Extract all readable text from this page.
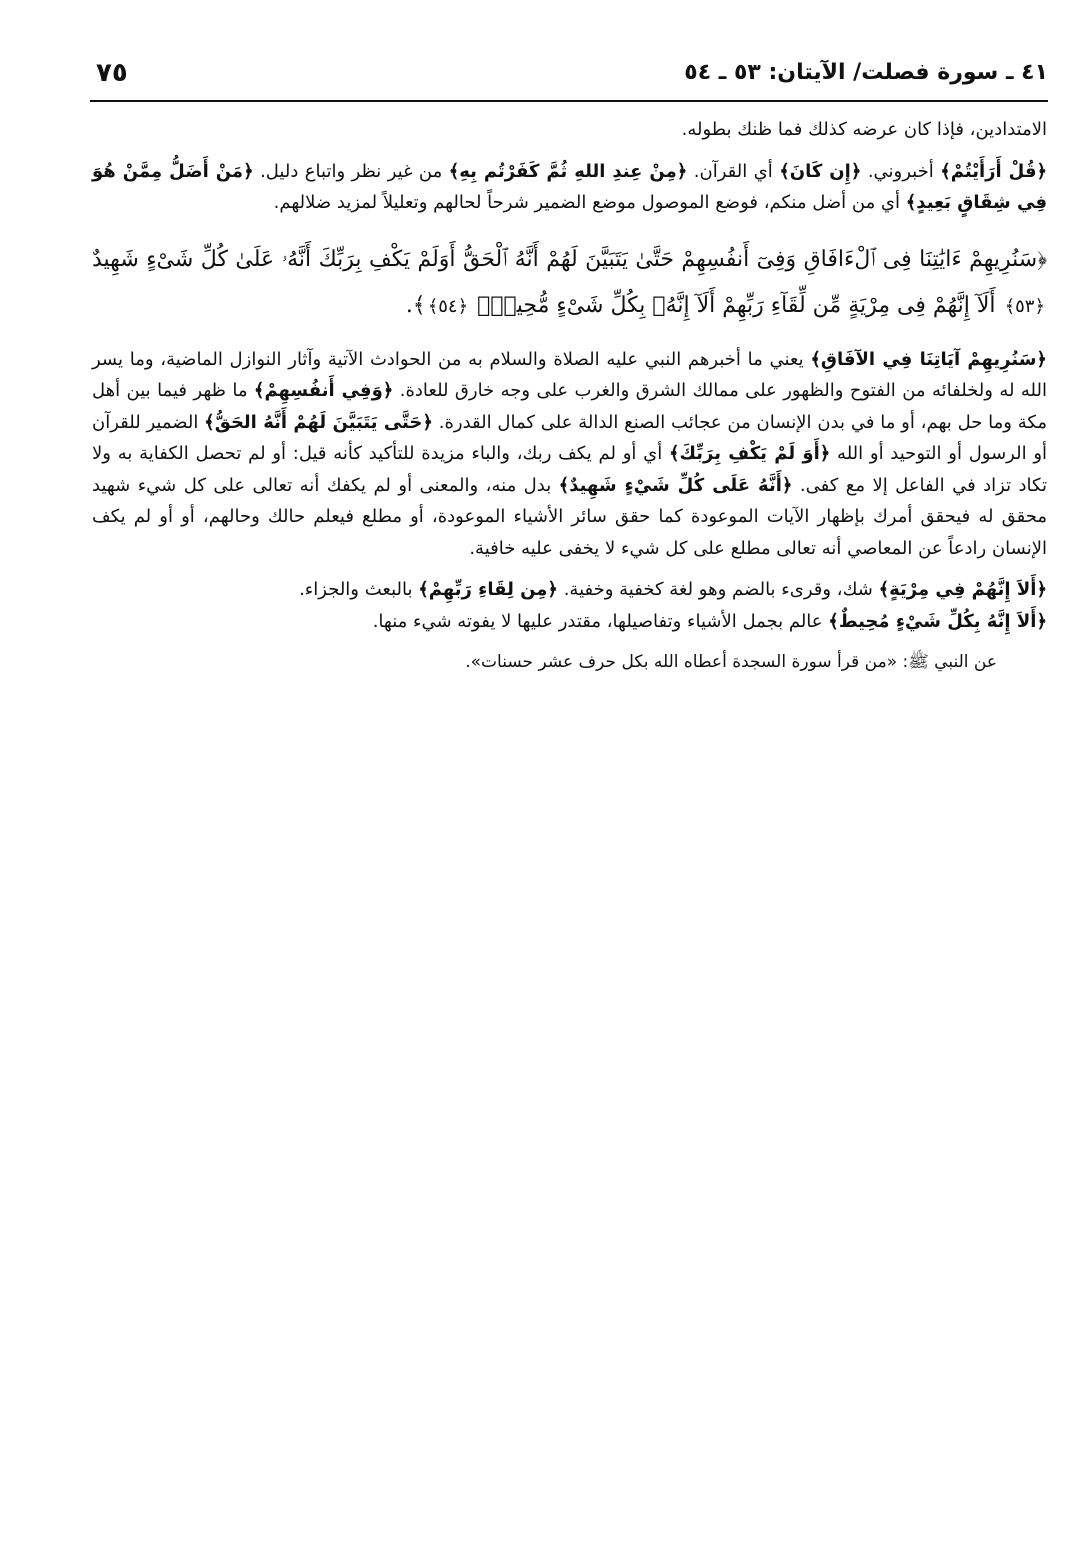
٤١ ـ سورة فصلت/ الآيتان: ٥٣ ـ ٥٤
٧٥

الامتدادين، فإذا كان عرضه كذلك فما ظنك بطوله.

﴿قُلْ أَرَأَيْتُمْ﴾ أخبروني. ﴿إِن كَانَ﴾ أي القرآن. ﴿مِنْ عِندِ اللهِ ثُمَّ كَفَرْتُم بِهِ﴾ من غير نظر واتباع دليل. ﴿مَنْ أَضَلُّ مِمَّنْ هُوَ فِي شِقَاقٍ بَعِيدٍ﴾ أي من أضل منكم، فوضع الموصول موضع الضمير شرحاً لحالهم وتعليلاً لمزيد ضلالهم.

﴿سَنُرِيهِمْ ءَايَٰتِنَا فِى ٱلْءَافَاقِ وَفِىٓ أَنفُسِهِمْ حَتَّىٰ يَتَبَيَّنَ لَهُمْ أَنَّهُ ٱلْحَقُّ أَوَلَمْ يَكْفِ بِرَبِّكَ أَنَّهُۥ عَلَىٰ كُلِّ شَىْءٍ شَهِيدٌ ﴿٥٣﴾ أَلَآ إِنَّهُمْ فِى مِرْيَةٍ مِّن لِّقَآءِ رَبِّهِمْ أَلَآ إِنَّهُۥ بِكُلِّ شَىْءٍ مُّحِيطٌۢ ﴿٥٤﴾﴾.

﴿سَنُرِيهِمْ آيَاتِنَا فِي الآفَاقِ﴾ يعني ما أخبرهم النبي عليه الصلاة والسلام به من الحوادث الآتية وآثار النوازل الماضية، وما يسر الله له ولخلفائه من الفتوح والظهور على ممالك الشرق والغرب على وجه خارق للعادة. ﴿وَفِي أَنفُسِهِمْ﴾ ما ظهر فيما بين أهل مكة وما حل بهم، أو ما في بدن الإنسان من عجائب الصنع الدالة على كمال القدرة. ﴿حَتَّى يَتَبَيَّنَ لَهُمْ أَنَّهُ الحَقُّ﴾ الضمير للقرآن أو الرسول أو التوحيد أو الله ﴿أَوَ لَمْ يَكْفِ بِرَبِّكَ﴾ أي أو لم يكف ربك، والباء مزيدة للتأكيد كأنه قيل: أو لم تحصل الكفاية به ولا تكاد تزاد في الفاعل إلا مع كفى. ﴿أَنَّهُ عَلَى كُلِّ شَيْءٍ شَهِيدٌ﴾ بدل منه، والمعنى أو لم يكفك أنه تعالى على كل شيء شهيد محقق له فيحقق أمرك بإظهار الآيات الموعودة كما حقق سائر الأشياء الموعودة، أو مطلع فيعلم حالك وحالهم، أو أو لم يكف الإنسان رادعاً عن المعاصي أنه تعالى مطلع على كل شيء لا يخفى عليه خافية.

﴿أَلاَ إِنَّهُمْ فِي مِرْيَةٍ﴾ شك، وقرىء بالضم وهو لغة كخفية وخفية. ﴿مِن لِقَاءِ رَبِّهِمْ﴾ بالبعث والجزاء.

﴿أَلاَ إِنَّهُ بِكُلِّ شَيْءٍ مُحِيطٌ﴾ عالم بجمل الأشياء وتفاصيلها، مقتدر عليها لا يفوته شيء منها.

عن النبي ﷺ: «من قرأ سورة السجدة أعطاه الله بكل حرف عشر حسنات».
